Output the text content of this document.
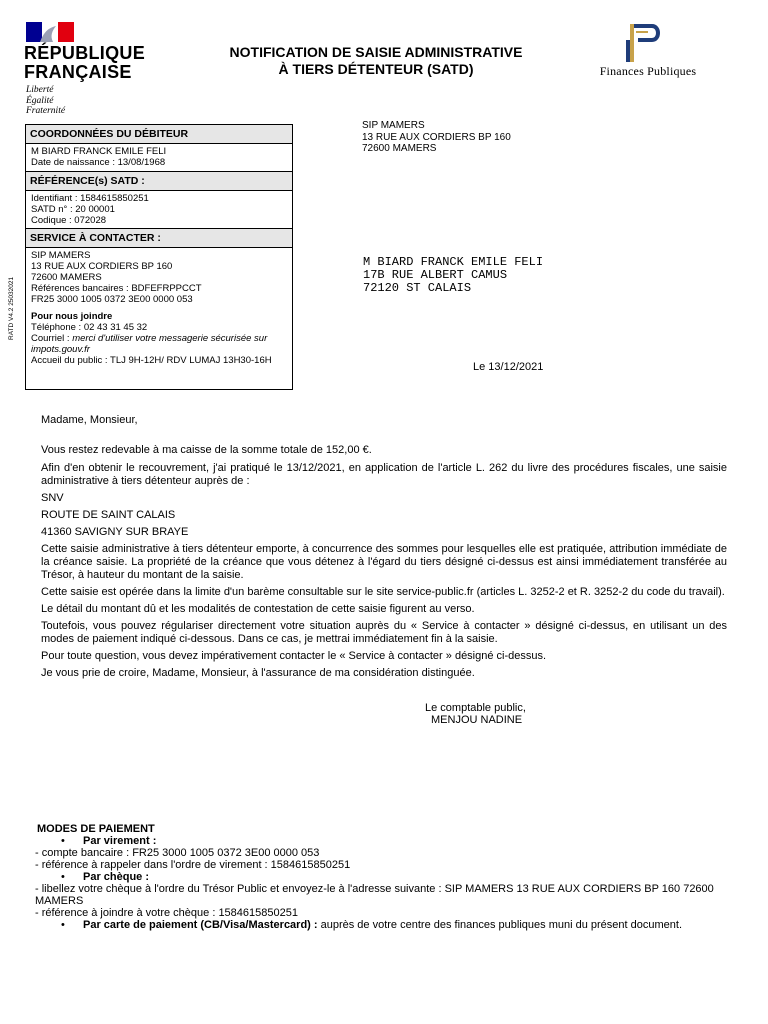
RÉPUBLIQUE
FRANÇAISE
Liberté
Égalité
Fraternité
NOTIFICATION DE SAISIE ADMINISTRATIVE
À TIERS DÉTENTEUR (SATD)	Finances Publiques
COORDONNÉES DU DÉBITEUR
M BIARD FRANCK EMILE FELI
Date de naissance : 13/08/1968
RÉFÉRENCE(s) SATD :
Identifiant : 1584615850251
SATD n° : 20 00001
Codique : 072028
SERVICE À CONTACTER :
SIP MAMERS
13 RUE AUX CORDIERS BP 160
72600 MAMERS
Références bancaires : BDFEFRPPCCT
FR25 3000 1005 0372 3E00 0000 053
Pour nous joindre
Téléphone : 02 43 31 45 32
Courriel : merci d'utiliser votre messagerie sécurisée sur impots.gouv.fr
Accueil du public : TLJ 9H-12H/ RDV LUMAJ 13H30-16H
RATD V4.2 25032021
SIP MAMERS
13 RUE AUX CORDIERS BP 160
72600 MAMERS
M BIARD FRANCK EMILE FELI
17B RUE ALBERT CAMUS
72120 ST CALAIS
Le 13/12/2021

Madame, Monsieur,

Vous restez redevable à ma caisse de la somme totale de 152,00 €.

Afin d'en obtenir le recouvrement, j'ai pratiqué le 13/12/2021, en application de l'article L. 262 du livre des procédures fiscales, une saisie administrative à tiers détenteur auprès de :

SNV

ROUTE DE SAINT CALAIS

41360 SAVIGNY SUR BRAYE

Cette saisie administrative à tiers détenteur emporte, à concurrence des sommes pour lesquelles elle est pratiquée, attribution immédiate de la créance saisie. La propriété de la créance que vous détenez à l'égard du tiers désigné ci-dessus est ainsi immédiatement transférée au Trésor, à hauteur du montant de la saisie.

Cette saisie est opérée dans la limite d'un barème consultable sur le site service-public.fr (articles L. 3252-2 et R. 3252-2 du code du travail).

Le détail du montant dû et les modalités de contestation de cette saisie figurent au verso.

Toutefois, vous pouvez régulariser directement votre situation auprès du « Service à contacter » désigné ci-dessus, en utilisant un des modes de paiement indiqué ci-dessous. Dans ce cas, je mettrai immédiatement fin à la saisie.

Pour toute question, vous devez impérativement contacter le « Service à contacter » désigné ci-dessus.

Je vous prie de croire, Madame, Monsieur, à l'assurance de ma considération distinguée.

Le comptable public,
MENJOU NADINE
MODES DE PAIEMENT
•	Par virement :
- compte bancaire : FR25 3000 1005 0372 3E00 0000 053
- référence à rappeler dans l'ordre de virement : 1584615850251
•	Par chèque :
- libellez votre chèque à l'ordre du Trésor Public et envoyez-le à l'adresse suivante : SIP MAMERS 13 RUE AUX CORDIERS BP 160 72600 MAMERS
- référence à joindre à votre chèque : 1584615850251
•	Par carte de paiement (CB/Visa/Mastercard) : auprès de votre centre des finances publiques muni du présent document.
